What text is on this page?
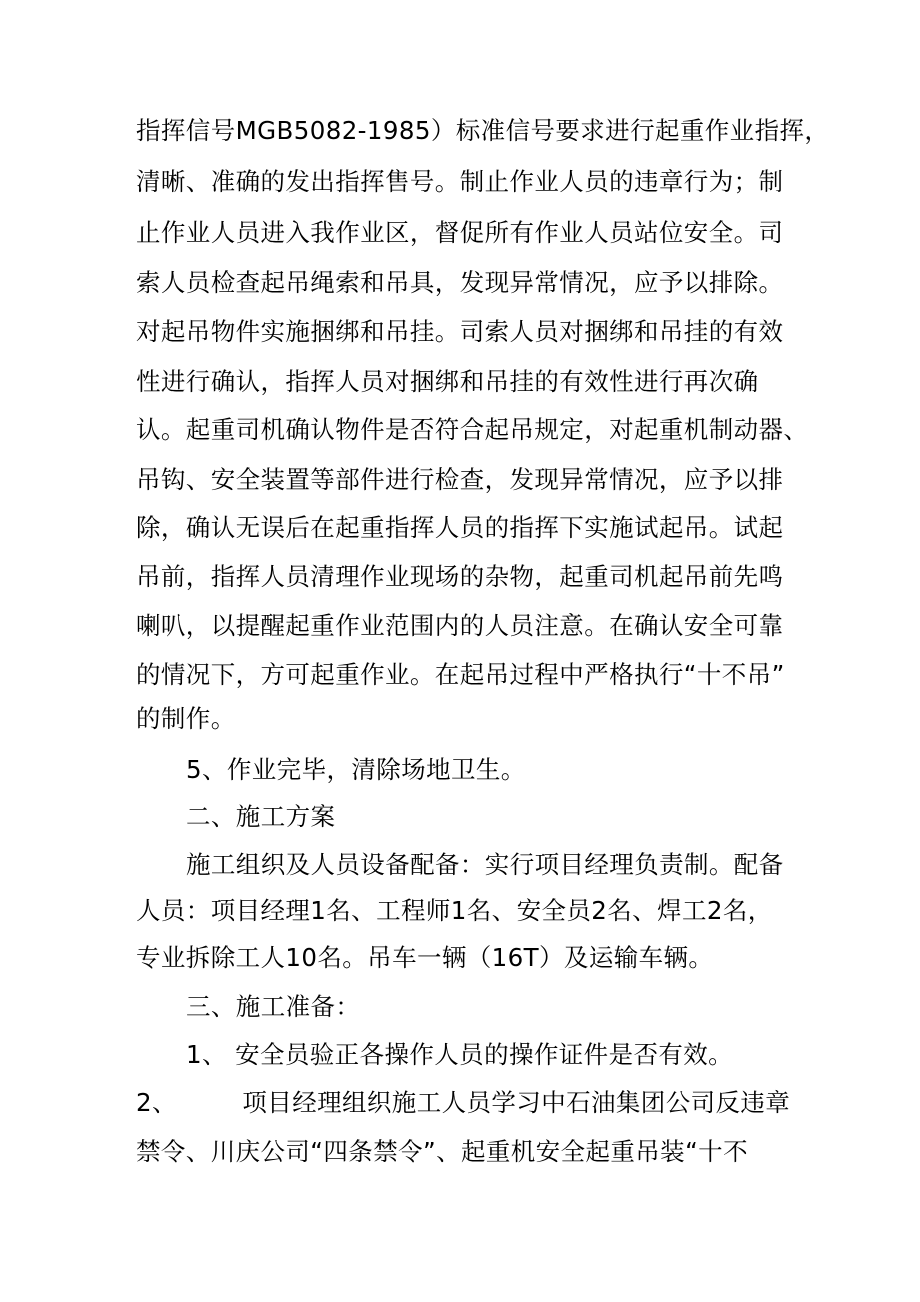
指挥信号MGB5082-1985）标准信号要求进行起重作业指挥，
清晰、准确的发出指挥售号。制止作业人员的违章行为；制
止作业人员进入我作业区，督促所有作业人员站位安全。司
索人员检查起吊绳索和吊具，发现异常情况，应予以排除。
对起吊物件实施捆绑和吊挂。司索人员对捆绑和吊挂的有效
性进行确认，指挥人员对捆绑和吊挂的有效性进行再次确
认。起重司机确认物件是否符合起吊规定，对起重机制动器、
吊钩、安全装置等部件进行检查，发现异常情况，应予以排
除，确认无误后在起重指挥人员的指挥下实施试起吊。试起
吊前，指挥人员清理作业现场的杂物，起重司机起吊前先鸣
喇叭，以提醒起重作业范围内的人员注意。在确认安全可靠
的情况下，方可起重作业。在起吊过程中严格执行“十不吊”
的制作。
5、作业完毕，清除场地卫生。
二、施工方案
施工组织及人员设备配备：实行项目经理负责制。配备
人员：项目经理1名、工程师1名、安全员2名、焊工2名，
专业拆除工人10名。吊车一辆（16T）及运输车辆。
三、施工准备：
1、 安全员验正各操作人员的操作证件是否有效。
2、        项目经理组织施工人员学习中石油集团公司反违章
禁令、川庆公司“四条禁令”、起重机安全起重吊装“十不
